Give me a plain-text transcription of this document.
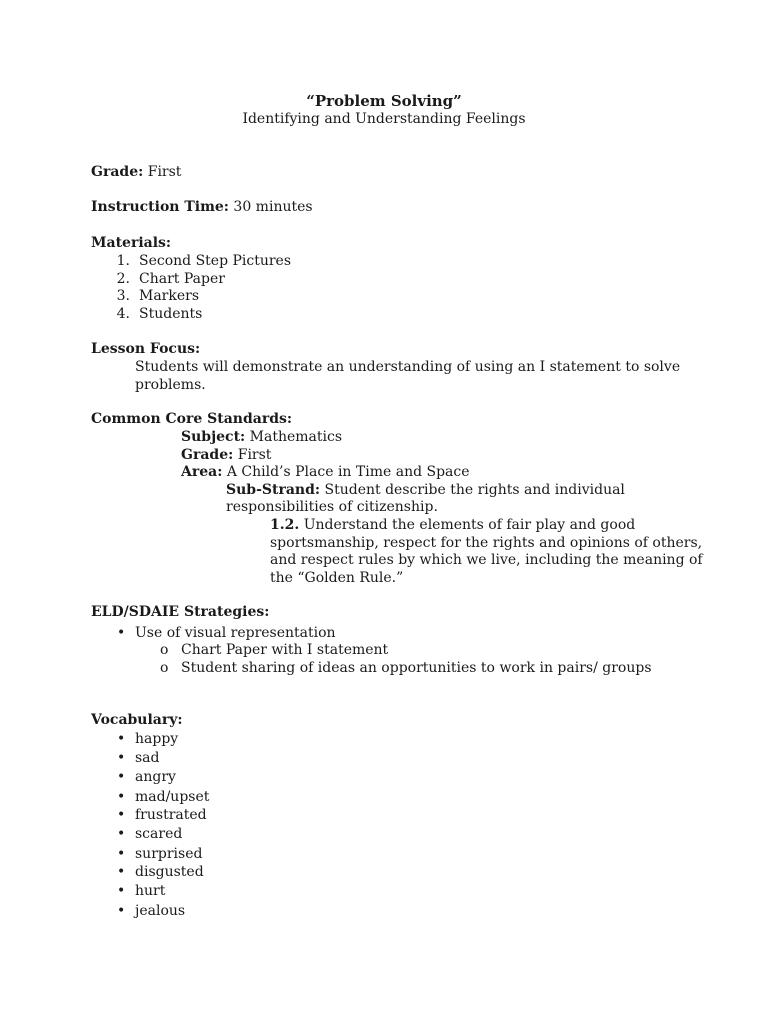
“Problem Solving”
Identifying and Understanding Feelings
Grade: First
Instruction Time: 30 minutes
Materials:
1. Second Step Pictures
2. Chart Paper
3. Markers
4. Students
Lesson Focus:
Students will demonstrate an understanding of using an I statement to solve
problems.
Common Core Standards:
Subject: Mathematics
Grade: First
Area: A Child’s Place in Time and Space
Sub-Strand: Student describe the rights and individual
responsibilities of citizenship.
1.2. Understand the elements of fair play and good
sportsmanship, respect for the rights and opinions of others,
and respect rules by which we live, including the meaning of
the “Golden Rule.”
ELD/SDAIE Strategies:
• Use of visual representation
o Chart Paper with I statement
o Student sharing of ideas an opportunities to work in pairs/ groups
Vocabulary:
• happy
• sad
• angry
• mad/upset
• frustrated
• scared
• surprised
• disgusted
• hurt
• jealous
